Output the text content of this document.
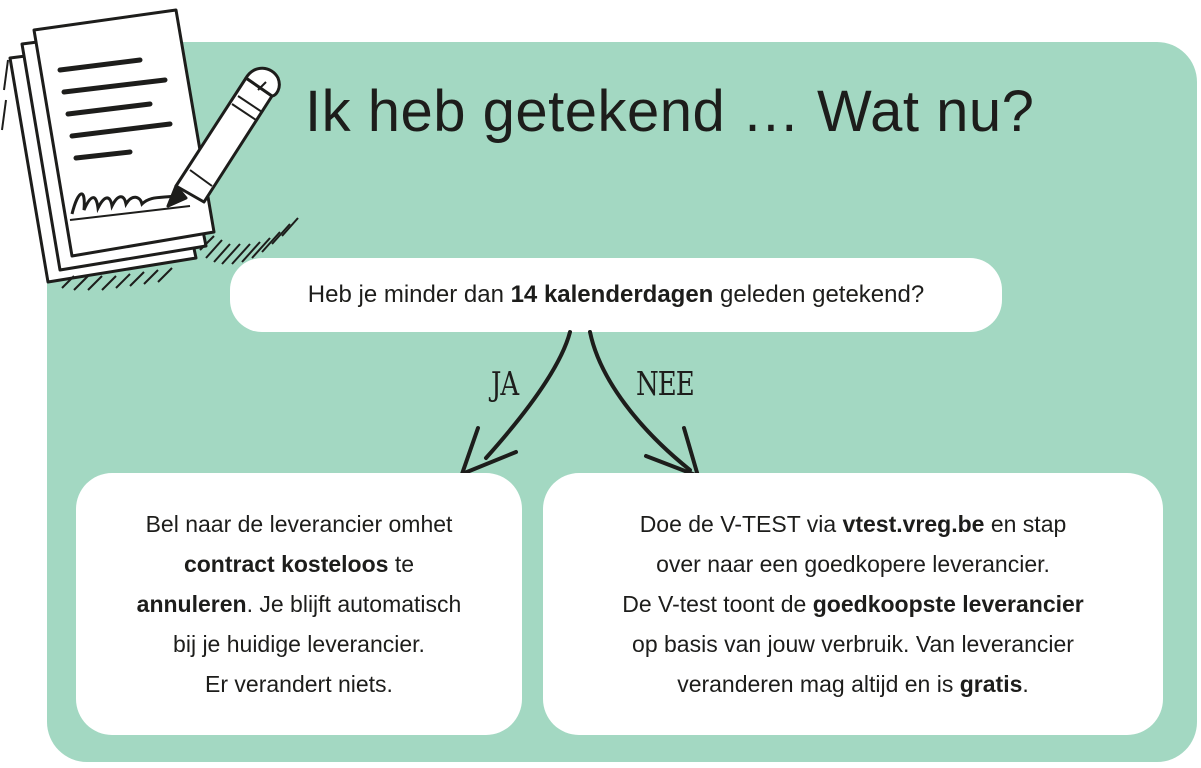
Ik heb getekend … Wat nu?
Heb je minder dan 14 kalenderdagen geleden getekend?
JA	NEE
Bel naar de leverancier omhet
contract kosteloos te
annuleren. Je blijft automatisch
bij je huidige leverancier.
Er verandert niets.
Doe de V-TEST via vtest.vreg.be en stap
over naar een goedkopere leverancier.
De V-test toont de goedkoopste leverancier
op basis van jouw verbruik. Van leverancier
veranderen mag altijd en is gratis.
